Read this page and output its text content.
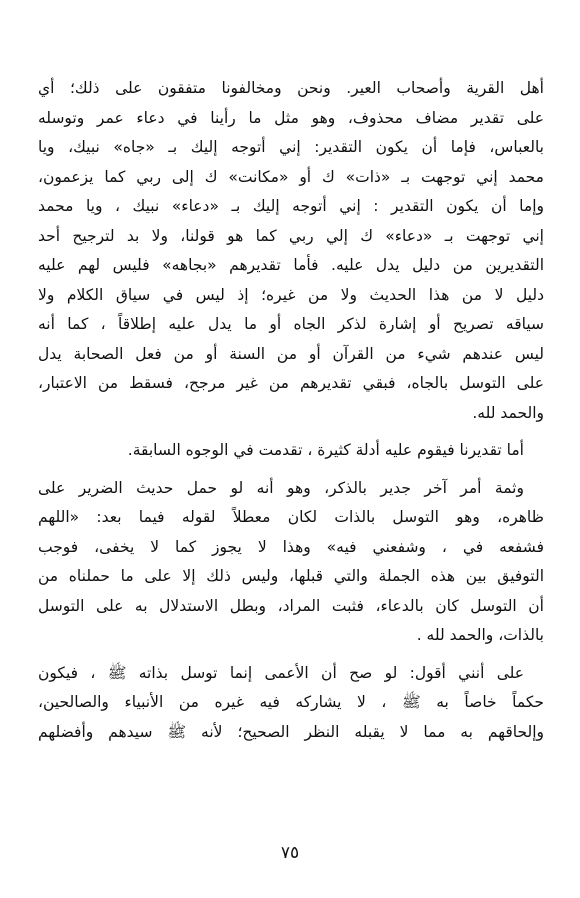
أهل القرية وأصحاب العير. ونحن ومخالفونا متفقون على ذلك؛ أي
على تقدير مضاف محذوف، وهو مثل ما رأينا في دعاء عمر وتوسله
بالعباس، فإما أن يكون التقدير: إني أتوجه إليك بـ «جاه» نبيك، ويا
محمد إني توجهت بـ «ذات» ك أو «مكانت» ك إلى ربي كما يزعمون،
وإما أن يكون التقدير : إني أتوجه إليك بـ «دعاء» نبيك ، ويا محمد
إني توجهت بـ «دعاء» ك إلي ربي كما هو قولنا، ولا بد لترجيح أحد
التقديرين من دليل يدل عليه. فأما تقديرهم «بجاهه» فليس لهم عليه
دليل لا من هذا الحديث ولا من غيره؛ إذ ليس في سياق الكلام ولا
سياقه تصريح أو إشارة لذكر الجاه أو ما يدل عليه إطلاقاً ، كما أنه
ليس عندهم شيء من القرآن أو من السنة أو من فعل الصحابة يدل
على التوسل بالجاه، فبقي تقديرهم من غير مرجح، فسقط من الاعتبار،
والحمد لله.
أما تقديرنا فيقوم عليه أدلة كثيرة ، تقدمت في الوجوه السابقة.
وثمة أمر آخر جدير بالذكر، وهو أنه لو حمل حديث الضرير على
ظاهره، وهو التوسل بالذات لكان معطلاً لقوله فيما بعد: «اللهم
فشفعه في ، وشفعني فيه» وهذا لا يجوز كما لا يخفى، فوجب
التوفيق بين هذه الجملة والتي قبلها، وليس ذلك إلا على ما حملناه من
أن التوسل كان بالدعاء، فثبت المراد، وبطل الاستدلال به على التوسل
بالذات، والحمد لله .
على أنني أقول: لو صح أن الأعمى إنما توسل بذاته ﷺ ، فيكون
حكماً خاصاً به ﷺ ، لا يشاركه فيه غيره من الأنبياء والصالحين،
وإلحاقهم به مما لا يقبله النظر الصحيح؛ لأنه ﷺ سيدهم وأفضلهم
٧٥
